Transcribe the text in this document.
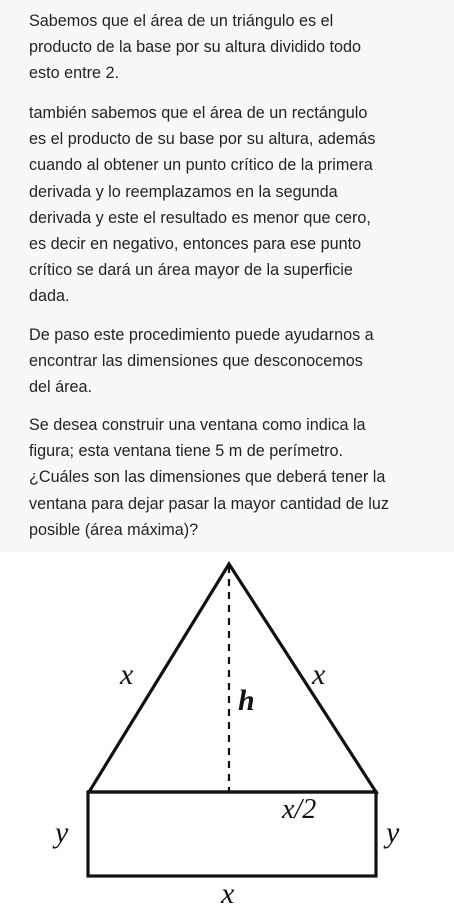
Sabemos que el área de un triángulo es el
producto de la base por su altura dividido todo
esto entre 2.
también sabemos que el área de un rectángulo
es el producto de su base por su altura, además
cuando al obtener un punto crítico de la primera
derivada y lo reemplazamos en la segunda
derivada y este el resultado es menor que cero,
es decir en negativo, entonces para ese punto
crítico se dará un área mayor de la superficie
dada.
De paso este procedimiento puede ayudarnos a
encontrar las dimensiones que desconocemos
del área.
Se desea construir una ventana como indica la
figura; esta ventana tiene 5 m de perímetro.
¿Cuáles son las dimensiones que deberá tener la
ventana para dejar pasar la mayor cantidad de luz
posible (área máxima)?
x	x
h
x/2
y	y
x
